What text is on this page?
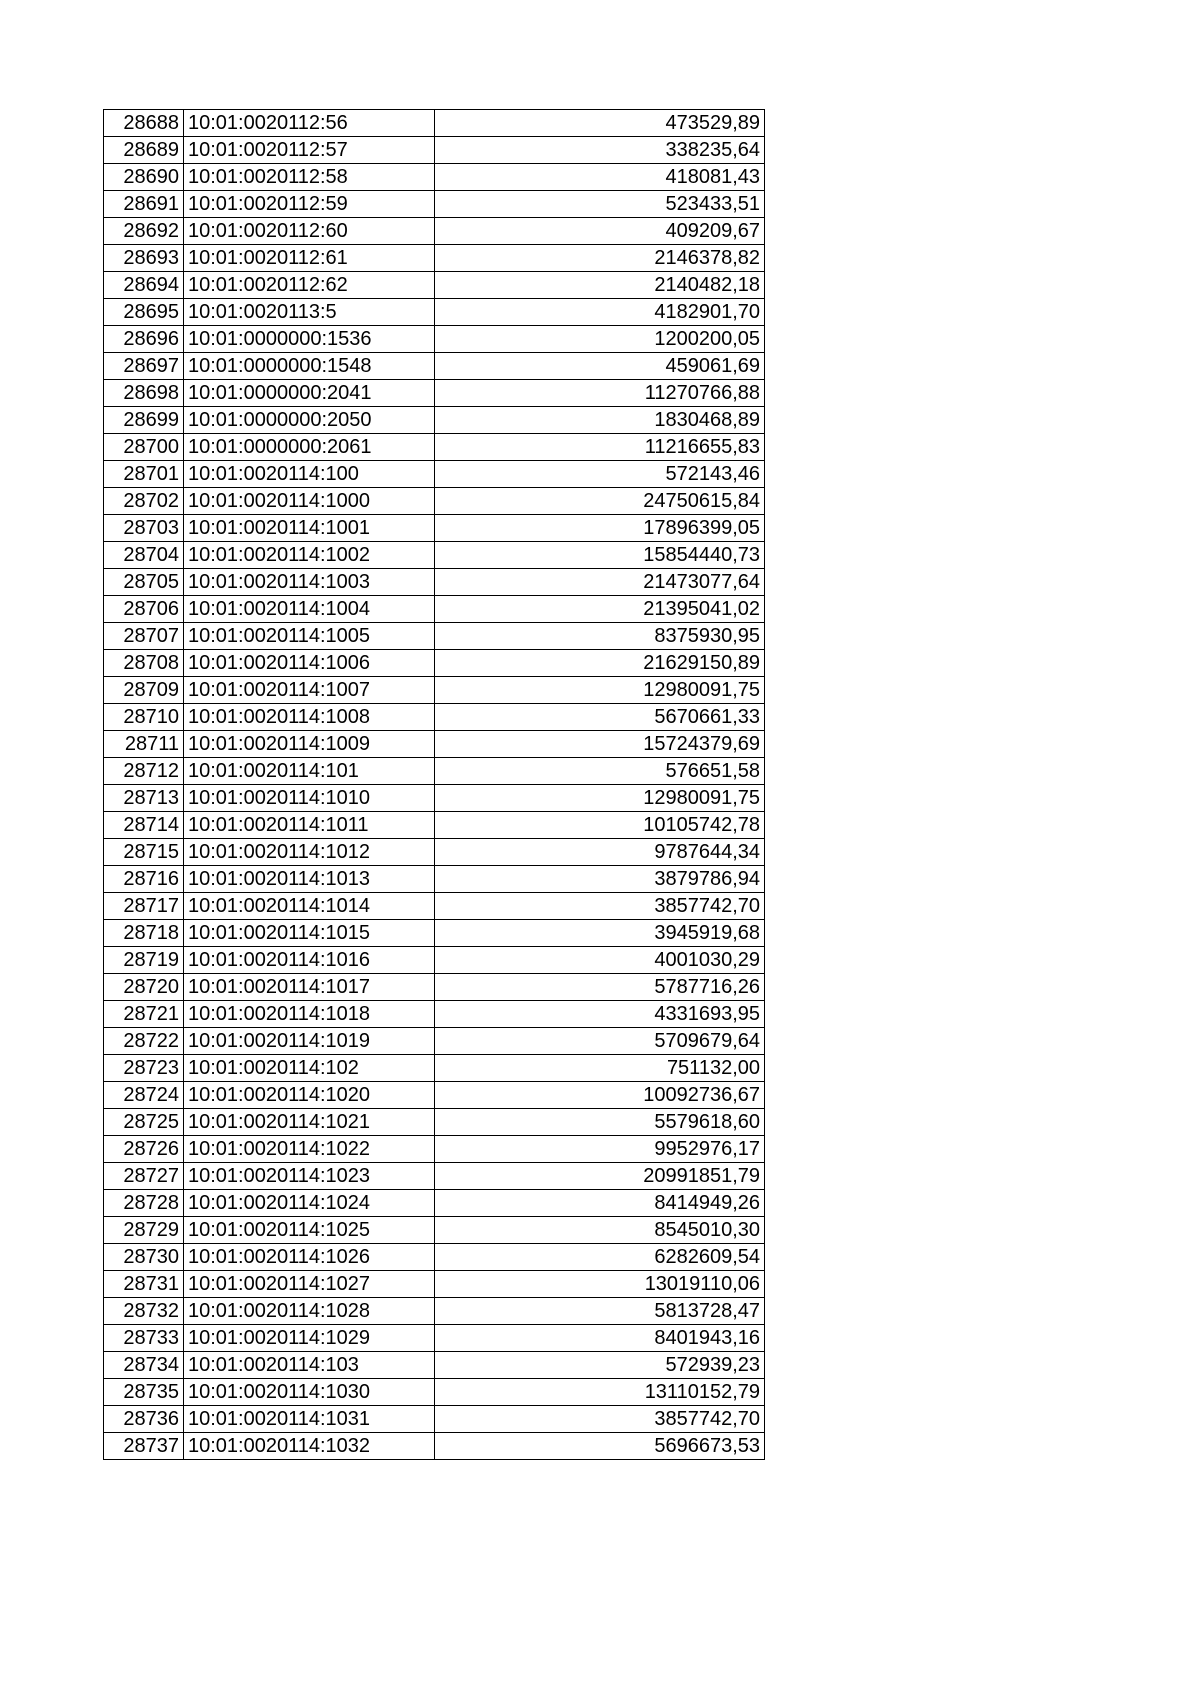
28688	10:01:0020112:56	473529,89
28689	10:01:0020112:57	338235,64
28690	10:01:0020112:58	418081,43
28691	10:01:0020112:59	523433,51
28692	10:01:0020112:60	409209,67
28693	10:01:0020112:61	2146378,82
28694	10:01:0020112:62	2140482,18
28695	10:01:0020113:5	4182901,70
28696	10:01:0000000:1536	1200200,05
28697	10:01:0000000:1548	459061,69
28698	10:01:0000000:2041	11270766,88
28699	10:01:0000000:2050	1830468,89
28700	10:01:0000000:2061	11216655,83
28701	10:01:0020114:100	572143,46
28702	10:01:0020114:1000	24750615,84
28703	10:01:0020114:1001	17896399,05
28704	10:01:0020114:1002	15854440,73
28705	10:01:0020114:1003	21473077,64
28706	10:01:0020114:1004	21395041,02
28707	10:01:0020114:1005	8375930,95
28708	10:01:0020114:1006	21629150,89
28709	10:01:0020114:1007	12980091,75
28710	10:01:0020114:1008	5670661,33
28711	10:01:0020114:1009	15724379,69
28712	10:01:0020114:101	576651,58
28713	10:01:0020114:1010	12980091,75
28714	10:01:0020114:1011	10105742,78
28715	10:01:0020114:1012	9787644,34
28716	10:01:0020114:1013	3879786,94
28717	10:01:0020114:1014	3857742,70
28718	10:01:0020114:1015	3945919,68
28719	10:01:0020114:1016	4001030,29
28720	10:01:0020114:1017	5787716,26
28721	10:01:0020114:1018	4331693,95
28722	10:01:0020114:1019	5709679,64
28723	10:01:0020114:102	751132,00
28724	10:01:0020114:1020	10092736,67
28725	10:01:0020114:1021	5579618,60
28726	10:01:0020114:1022	9952976,17
28727	10:01:0020114:1023	20991851,79
28728	10:01:0020114:1024	8414949,26
28729	10:01:0020114:1025	8545010,30
28730	10:01:0020114:1026	6282609,54
28731	10:01:0020114:1027	13019110,06
28732	10:01:0020114:1028	5813728,47
28733	10:01:0020114:1029	8401943,16
28734	10:01:0020114:103	572939,23
28735	10:01:0020114:1030	13110152,79
28736	10:01:0020114:1031	3857742,70
28737	10:01:0020114:1032	5696673,53
